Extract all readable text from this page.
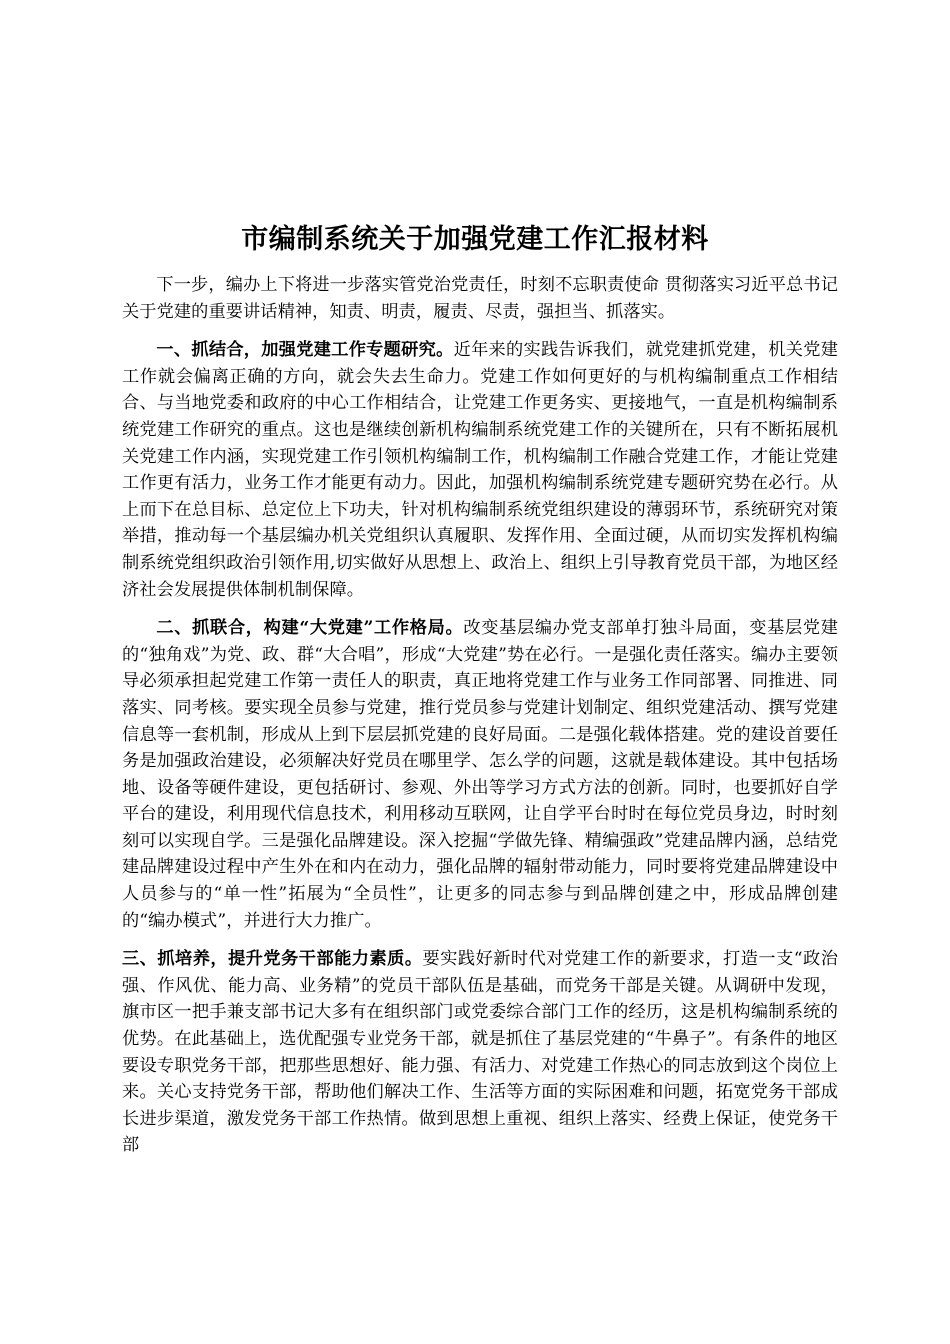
市编制系统关于加强党建工作汇报材料

下一步，编办上下将进一步落实管党治党责任，时刻不忘职责使命 贯彻落实习近平总书记关于党建的重要讲话精神，知责、明责，履责、尽责，强担当、抓落实。

一、抓结合，加强党建工作专题研究。近年来的实践告诉我们，就党建抓党建，机关党建工作就会偏离正确的方向，就会失去生命力。党建工作如何更好的与机构编制重点工作相结合、与当地党委和政府的中心工作相结合，让党建工作更务实、更接地气，一直是机构编制系统党建工作研究的重点。这也是继续创新机构编制系统党建工作的关键所在，只有不断拓展机关党建工作内涵，实现党建工作引领机构编制工作，机构编制工作融合党建工作，才能让党建工作更有活力，业务工作才能更有动力。因此，加强机构编制系统党建专题研究势在必行。从上而下在总目标、总定位上下功夫，针对机构编制系统党组织建设的薄弱环节，系统研究对策举措，推动每一个基层编办机关党组织认真履职、发挥作用、全面过硬，从而切实发挥机构编制系统党组织政治引领作用,切实做好从思想上、政治上、组织上引导教育党员干部，为地区经济社会发展提供体制机制保障。

二、抓联合，构建“大党建”工作格局。改变基层编办党支部单打独斗局面，变基层党建的“独角戏”为党、政、群“大合唱”，形成“大党建”势在必行。一是强化责任落实。编办主要领导必须承担起党建工作第一责任人的职责，真正地将党建工作与业务工作同部署、同推进、同落实、同考核。要实现全员参与党建，推行党员参与党建计划制定、组织党建活动、撰写党建信息等一套机制，形成从上到下层层抓党建的良好局面。二是强化载体搭建。党的建设首要任务是加强政治建设，必须解决好党员在哪里学、怎么学的问题，这就是载体建设。其中包括场地、设备等硬件建设，更包括研讨、参观、外出等学习方式方法的创新。同时，也要抓好自学平台的建设，利用现代信息技术，利用移动互联网，让自学平台时时在每位党员身边，时时刻刻可以实现自学。三是强化品牌建设。深入挖掘“学做先锋、精编强政”党建品牌内涵，总结党建品牌建设过程中产生外在和内在动力，强化品牌的辐射带动能力，同时要将党建品牌建设中人员参与的“单一性”拓展为“全员性”，让更多的同志参与到品牌创建之中，形成品牌创建的“编办模式”，并进行大力推广。

三、抓培养，提升党务干部能力素质。要实践好新时代对党建工作的新要求，打造一支“政治强、作风优、能力高、业务精”的党员干部队伍是基础，而党务干部是关键。从调研中发现，旗市区一把手兼支部书记大多有在组织部门或党委综合部门工作的经历，这是机构编制系统的优势。在此基础上，选优配强专业党务干部，就是抓住了基层党建的“牛鼻子”。有条件的地区要设专职党务干部，把那些思想好、能力强、有活力、对党建工作热心的同志放到这个岗位上来。关心支持党务干部，帮助他们解决工作、生活等方面的实际困难和问题，拓宽党务干部成长进步渠道，激发党务干部工作热情。做到思想上重视、组织上落实、经费上保证，使党务干部
